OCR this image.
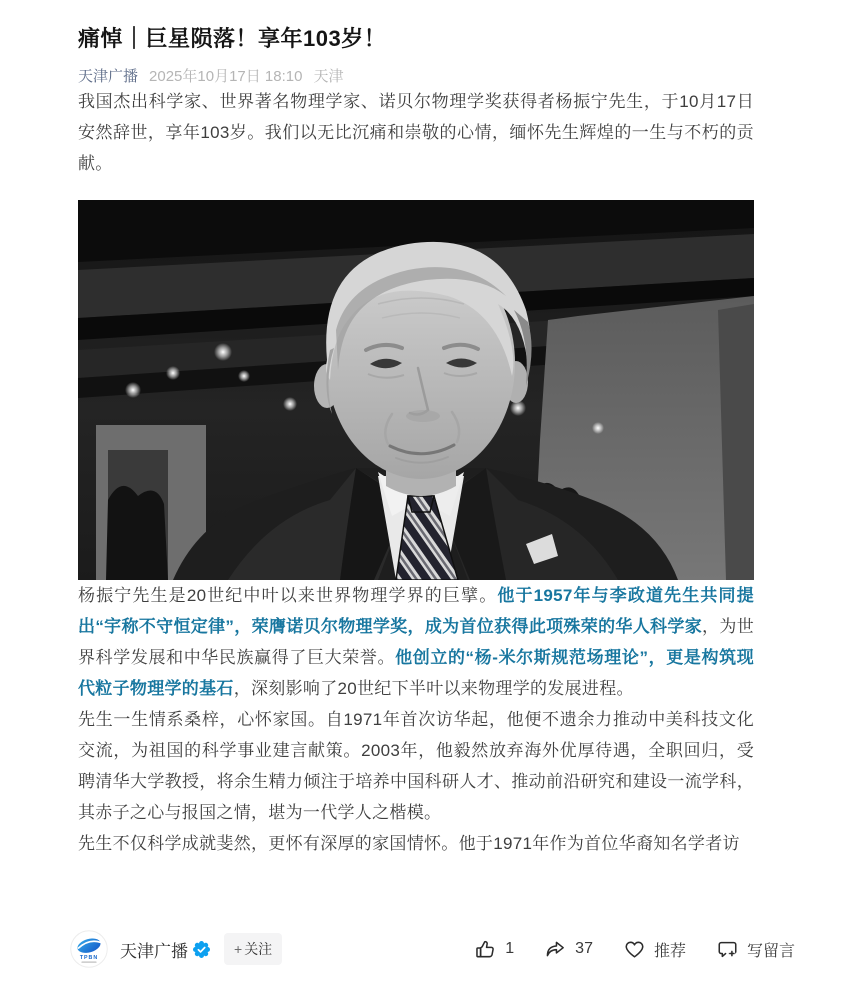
痛悼｜巨星陨落！享年103岁！
天津广播 2025年10月17日 18:10 天津

我国杰出科学家、世界著名物理学家、诺贝尔物理学奖获得者杨振宁先生，于10月17日安然辞世，享年103岁。我们以无比沉痛和崇敬的心情，缅怀先生辉煌的一生与不朽的贡献。

杨振宁先生是20世纪中叶以来世界物理学界的巨擘。他于1957年与李政道先生共同提出“宇称不守恒定律”，荣膺诺贝尔物理学奖，成为首位获得此项殊荣的华人科学家，为世界科学发展和中华民族赢得了巨大荣誉。他创立的“杨-米尔斯规范场理论”，更是构筑现代粒子物理学的基石，深刻影响了20世纪下半叶以来物理学的发展进程。

先生一生情系桑梓，心怀家国。自1971年首次访华起，他便不遗余力推动中美科技文化交流，为祖国的科学事业建言献策。2003年，他毅然放弃海外优厚待遇，全职回归，受聘清华大学教授，将余生精力倾注于培养中国科研人才、推动前沿研究和建设一流学科，其赤子之心与报国之情，堪为一代学人之楷模。

先生不仅科学成就斐然，更怀有深厚的家国情怀。他于1971年作为首位华裔知名学者访

TPBN 天津广播	+ 关注	1	37	推荐	写留言
